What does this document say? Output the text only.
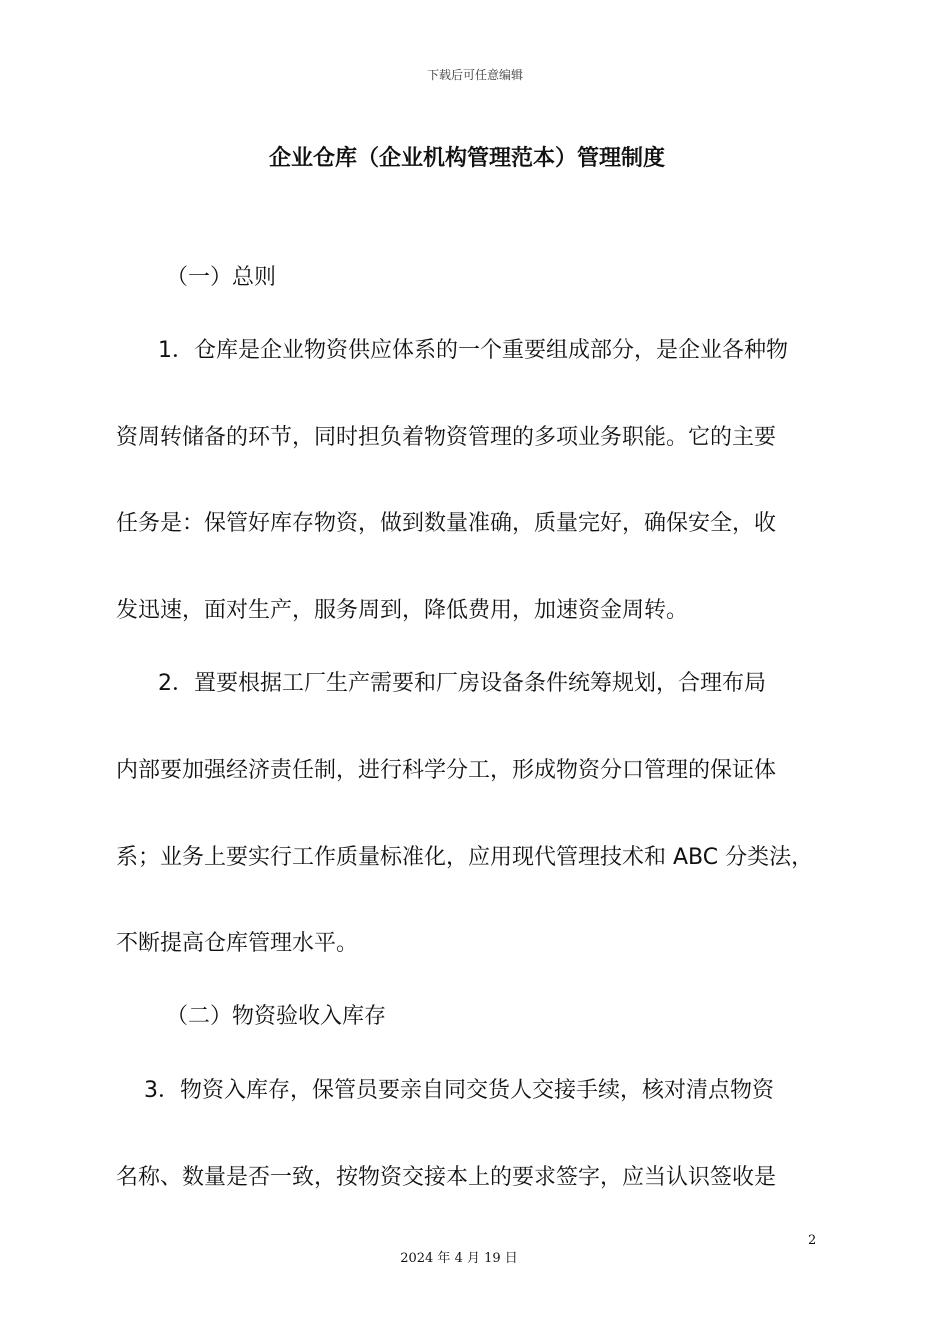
下载后可任意编辑
企业仓库（企业机构管理范本）管理制度
（一）总则
1．仓库是企业物资供应体系的一个重要组成部分，是企业各种物
资周转储备的环节，同时担负着物资管理的多项业务职能。它的主要
任务是：保管好库存物资，做到数量准确，质量完好，确保安全，收
发迅速，面对生产，服务周到，降低费用，加速资金周转。
2．置要根据工厂生产需要和厂房设备条件统筹规划，合理布局
内部要加强经济责任制，进行科学分工，形成物资分口管理的保证体
系；业务上要实行工作质量标准化，应用现代管理技术和 ABC 分类法，
不断提高仓库管理水平。
（二）物资验收入库存
3．物资入库存，保管员要亲自同交货人交接手续，核对清点物资
名称、数量是否一致，按物资交接本上的要求签字，应当认识签收是
2
2024 年 4 月 19 日
